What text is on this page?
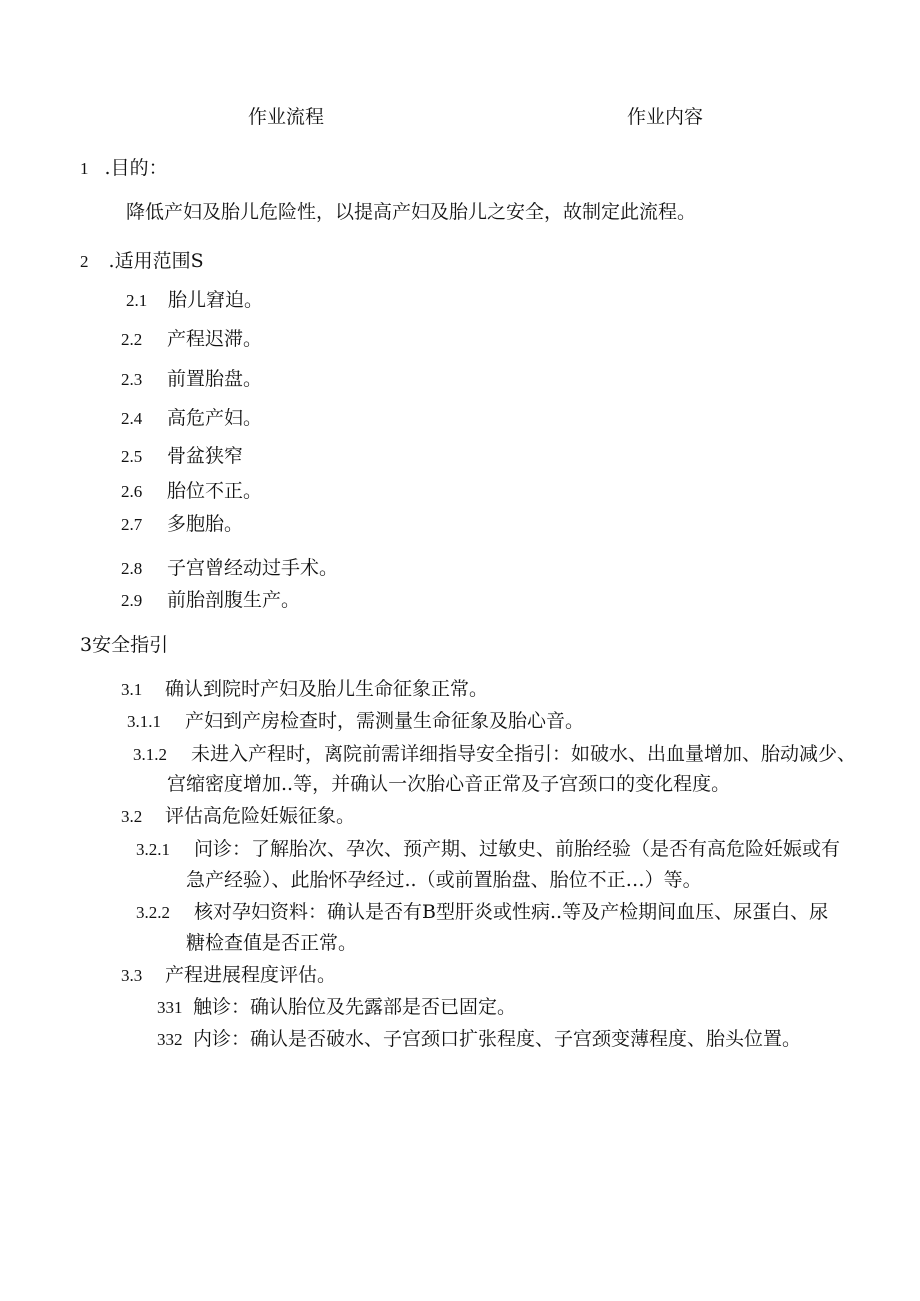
作业流程	作业内容
1 .目的：
降低产妇及胎儿危险性，以提高产妇及胎儿之安全，故制定此流程。
2 .适用范围S
2.1 胎儿窘迫。
2.2 产程迟滞。
2.3 前置胎盘。
2.4 高危产妇。
2.5 骨盆狭窄
2.6 胎位不正。
2.7 多胞胎。
2.8 子宫曾经动过手术。
2.9 前胎剖腹生产。
3安全指引
3.1 确认到院时产妇及胎儿生命征象正常。
3.1.1 产妇到产房检查时，需测量生命征象及胎心音。
3.1.2 未进入产程时，离院前需详细指导安全指引：如破水、出血量增加、胎动减少、
宫缩密度增加..等，并确认一次胎心音正常及子宫颈口的变化程度。
3.2 评估高危险妊娠征象。
3.2.1 问诊：了解胎次、孕次、预产期、过敏史、前胎经验（是否有高危险妊娠或有
急产经验）、此胎怀孕经过..（或前置胎盘、胎位不正…）等。
3.2.2 核对孕妇资料：确认是否有B型肝炎或性病..等及产检期间血压、尿蛋白、尿
糖检查值是否正常。
3.3 产程进展程度评估。
331 触诊：确认胎位及先露部是否已固定。
332 内诊：确认是否破水、子宫颈口扩张程度、子宫颈变薄程度、胎头位置。
